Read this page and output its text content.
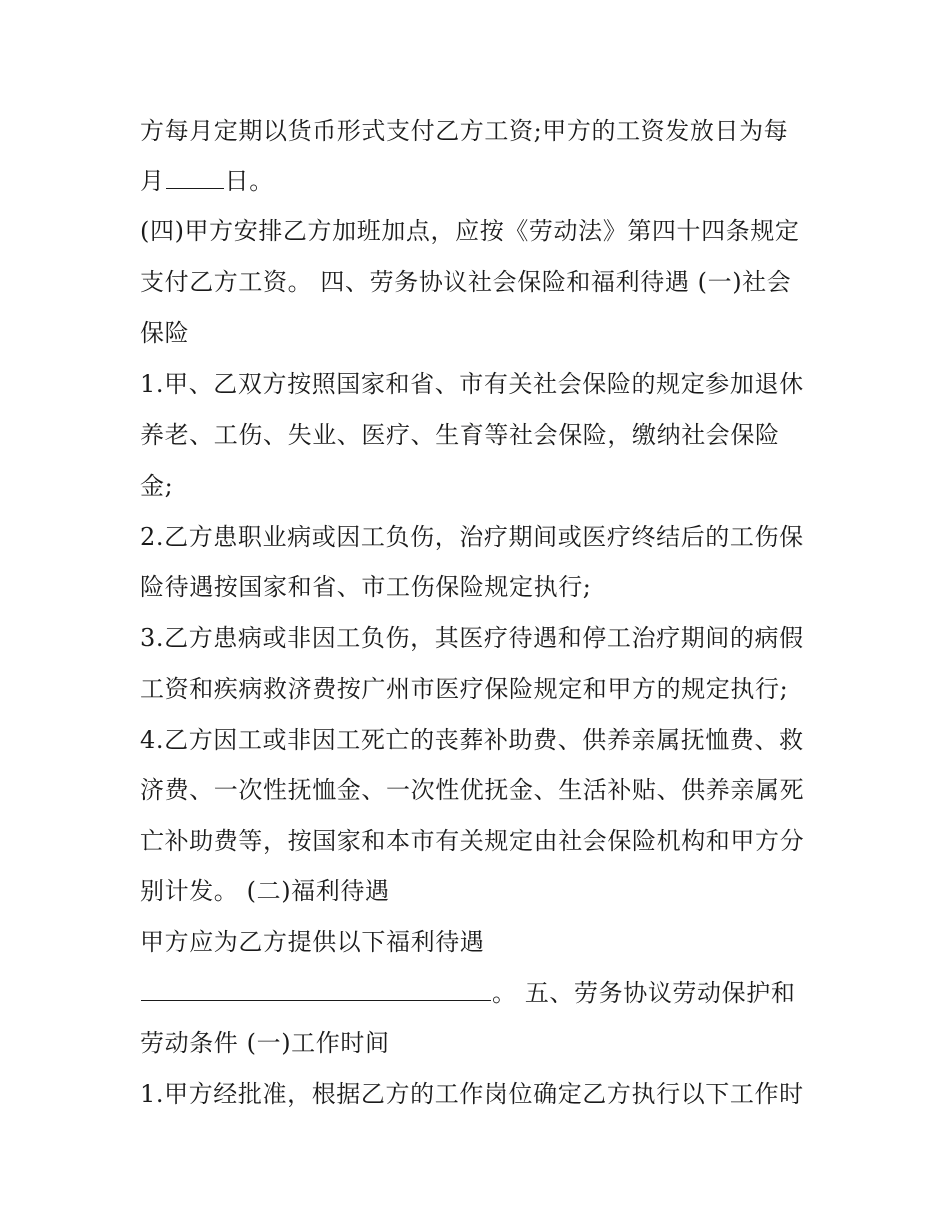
方每月定期以货币形式支付乙方工资;甲方的工资发放日为每
月	日。
(四)甲方安排乙方加班加点，应按《劳动法》第四十四条规定
支付乙方工资。 四、劳务协议社会保险和福利待遇 (一)社会
保险
1.甲、乙双方按照国家和省、市有关社会保险的规定参加退休
养老、工伤、失业、医疗、生育等社会保险，缴纳社会保险
金;
2.乙方患职业病或因工负伤，治疗期间或医疗终结后的工伤保
险待遇按国家和省、市工伤保险规定执行;
3.乙方患病或非因工负伤，其医疗待遇和停工治疗期间的病假
工资和疾病救济费按广州市医疗保险规定和甲方的规定执行;
4.乙方因工或非因工死亡的丧葬补助费、供养亲属抚恤费、救
济费、一次性抚恤金、一次性优抚金、生活补贴、供养亲属死
亡补助费等，按国家和本市有关规定由社会保险机构和甲方分
别计发。 (二)福利待遇
甲方应为乙方提供以下福利待遇
。 五、劳务协议劳动保护和
劳动条件 (一)工作时间
1.甲方经批准，根据乙方的工作岗位确定乙方执行以下工作时
